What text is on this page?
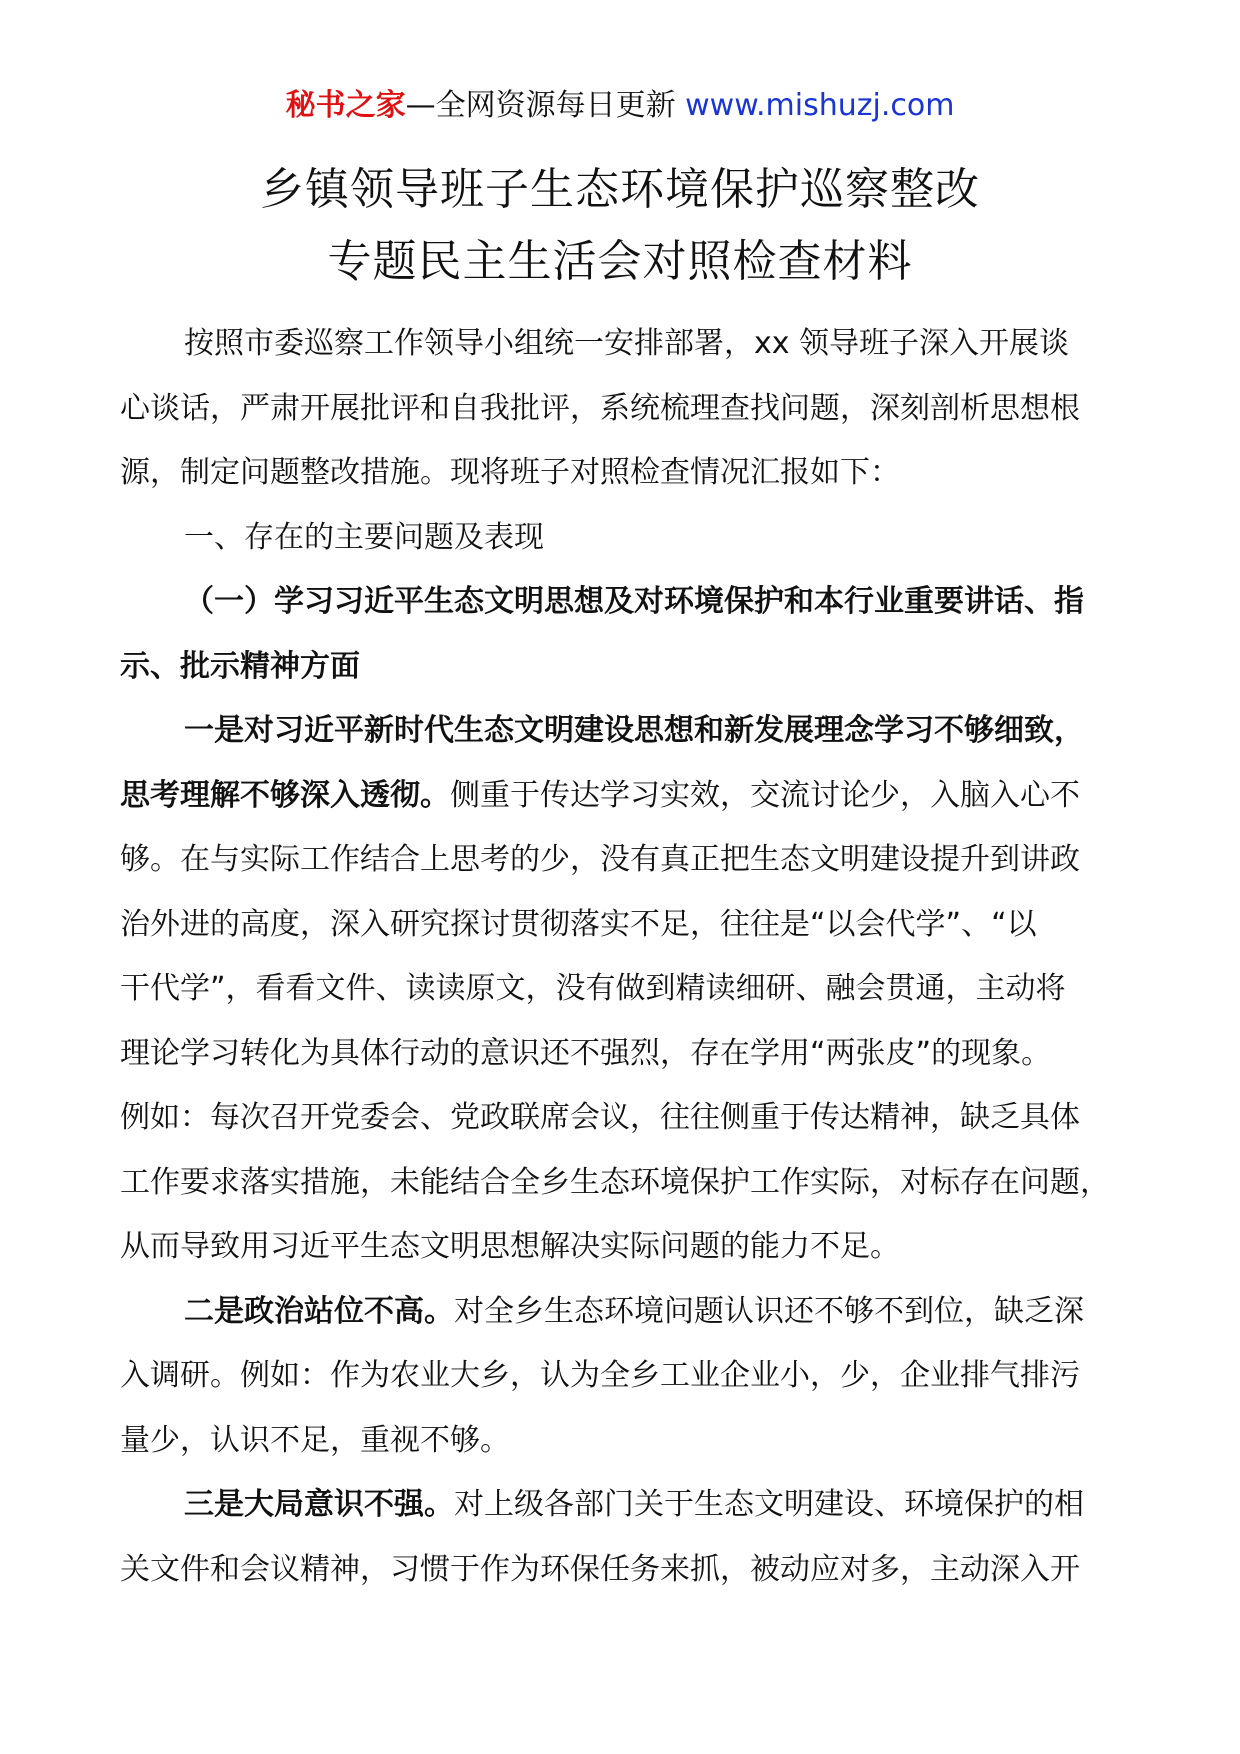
秘书之家—全网资源每日更新 www.mishuzj.com
乡镇领导班子生态环境保护巡察整改
专题民主生活会对照检查材料
按照市委巡察工作领导小组统一安排部署，xx 领导班子深入开展谈
心谈话，严肃开展批评和自我批评，系统梳理查找问题，深刻剖析思想根
源，制定问题整改措施。现将班子对照检查情况汇报如下：
一、存在的主要问题及表现
（一）学习习近平生态文明思想及对环境保护和本行业重要讲话、指
示、批示精神方面
一是对习近平新时代生态文明建设思想和新发展理念学习不够细致，
思考理解不够深入透彻。侧重于传达学习实效，交流讨论少，入脑入心不
够。在与实际工作结合上思考的少，没有真正把生态文明建设提升到讲政
治外进的高度，深入研究探讨贯彻落实不足，往往是“以会代学”、“以
干代学”，看看文件、读读原文，没有做到精读细研、融会贯通，主动将
理论学习转化为具体行动的意识还不强烈，存在学用“两张皮”的现象。
例如：每次召开党委会、党政联席会议，往往侧重于传达精神，缺乏具体
工作要求落实措施，未能结合全乡生态环境保护工作实际，对标存在问题，
从而导致用习近平生态文明思想解决实际问题的能力不足。
二是政治站位不高。对全乡生态环境问题认识还不够不到位，缺乏深
入调研。例如：作为农业大乡，认为全乡工业企业小，少，企业排气排污
量少，认识不足，重视不够。
三是大局意识不强。对上级各部门关于生态文明建设、环境保护的相
关文件和会议精神，习惯于作为环保任务来抓，被动应对多，主动深入开
